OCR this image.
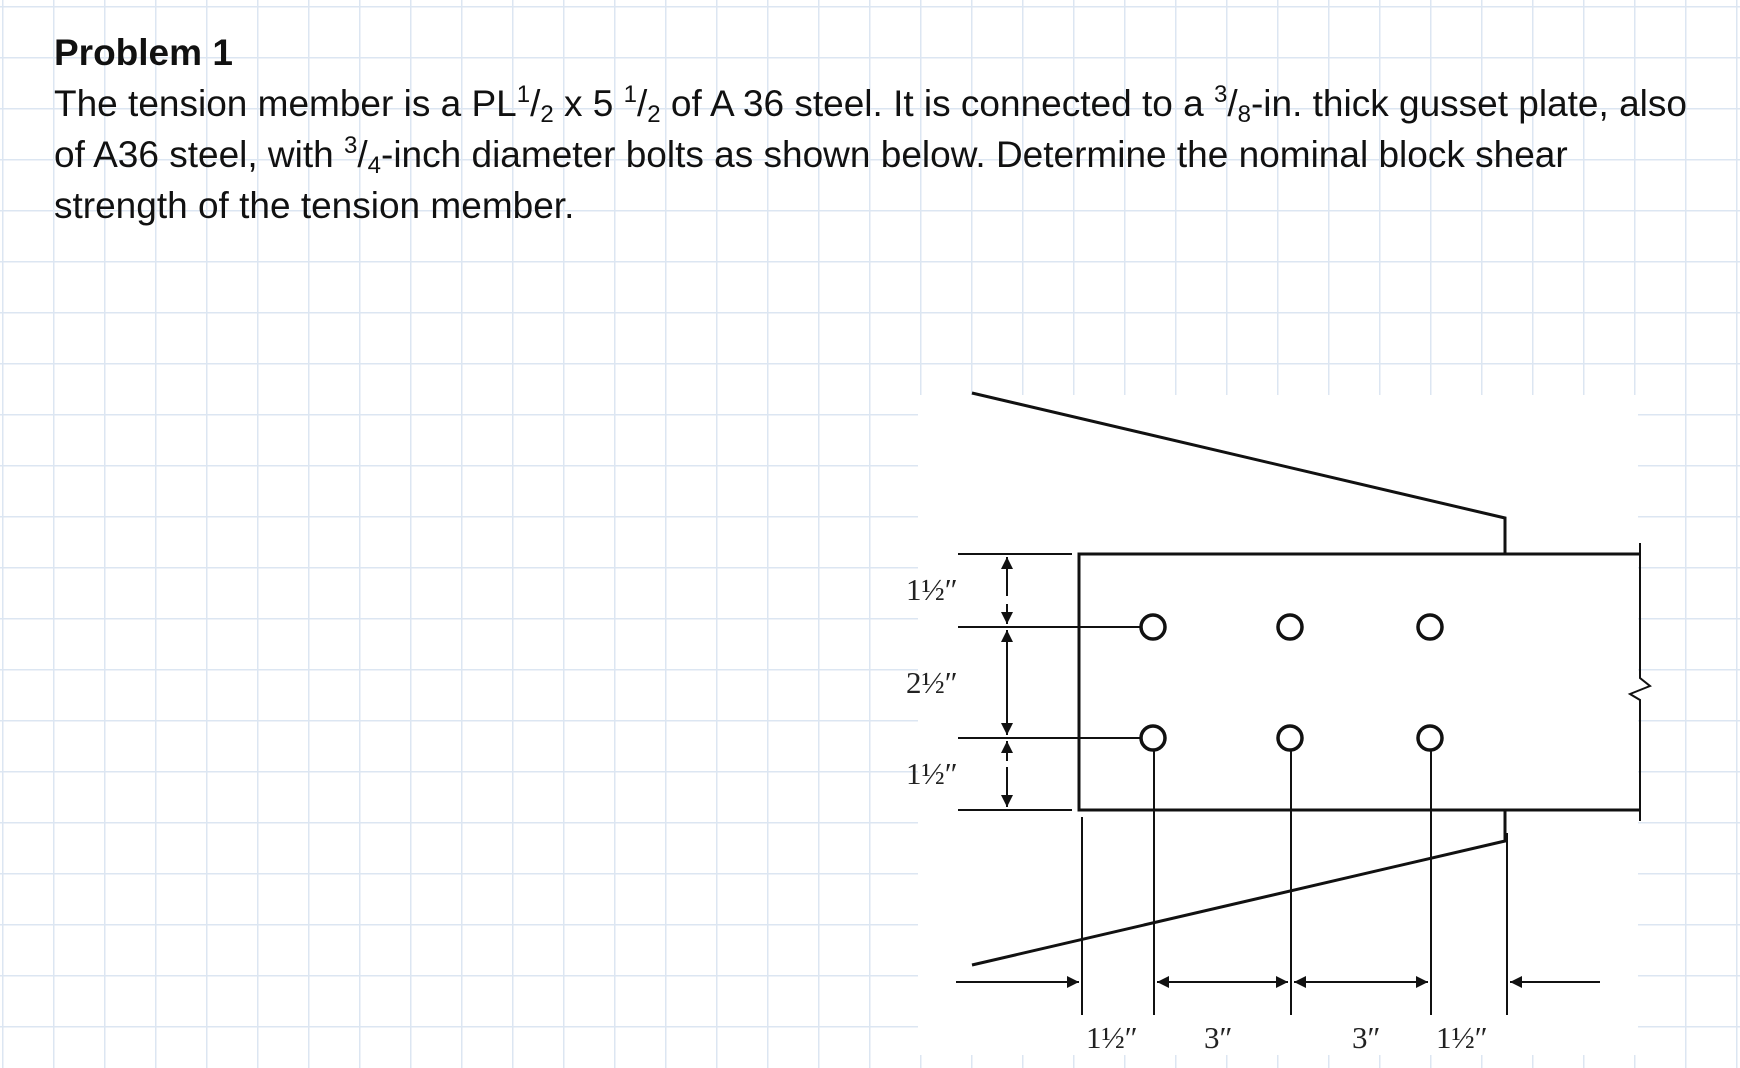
Problem 1

The tension member is a $PL^1/_2$ x 5 $^1/_2$ of A 36 steel. It is connected to a $^3/_8-in$. thick gusset plate, also of A36 steel, with $^3/_4$-inch diameter bolts as shown below. Determine the nominal block shear strength of the tension member.

1½″
2½″
1½″
1½″ 3″	3″ 1½″
